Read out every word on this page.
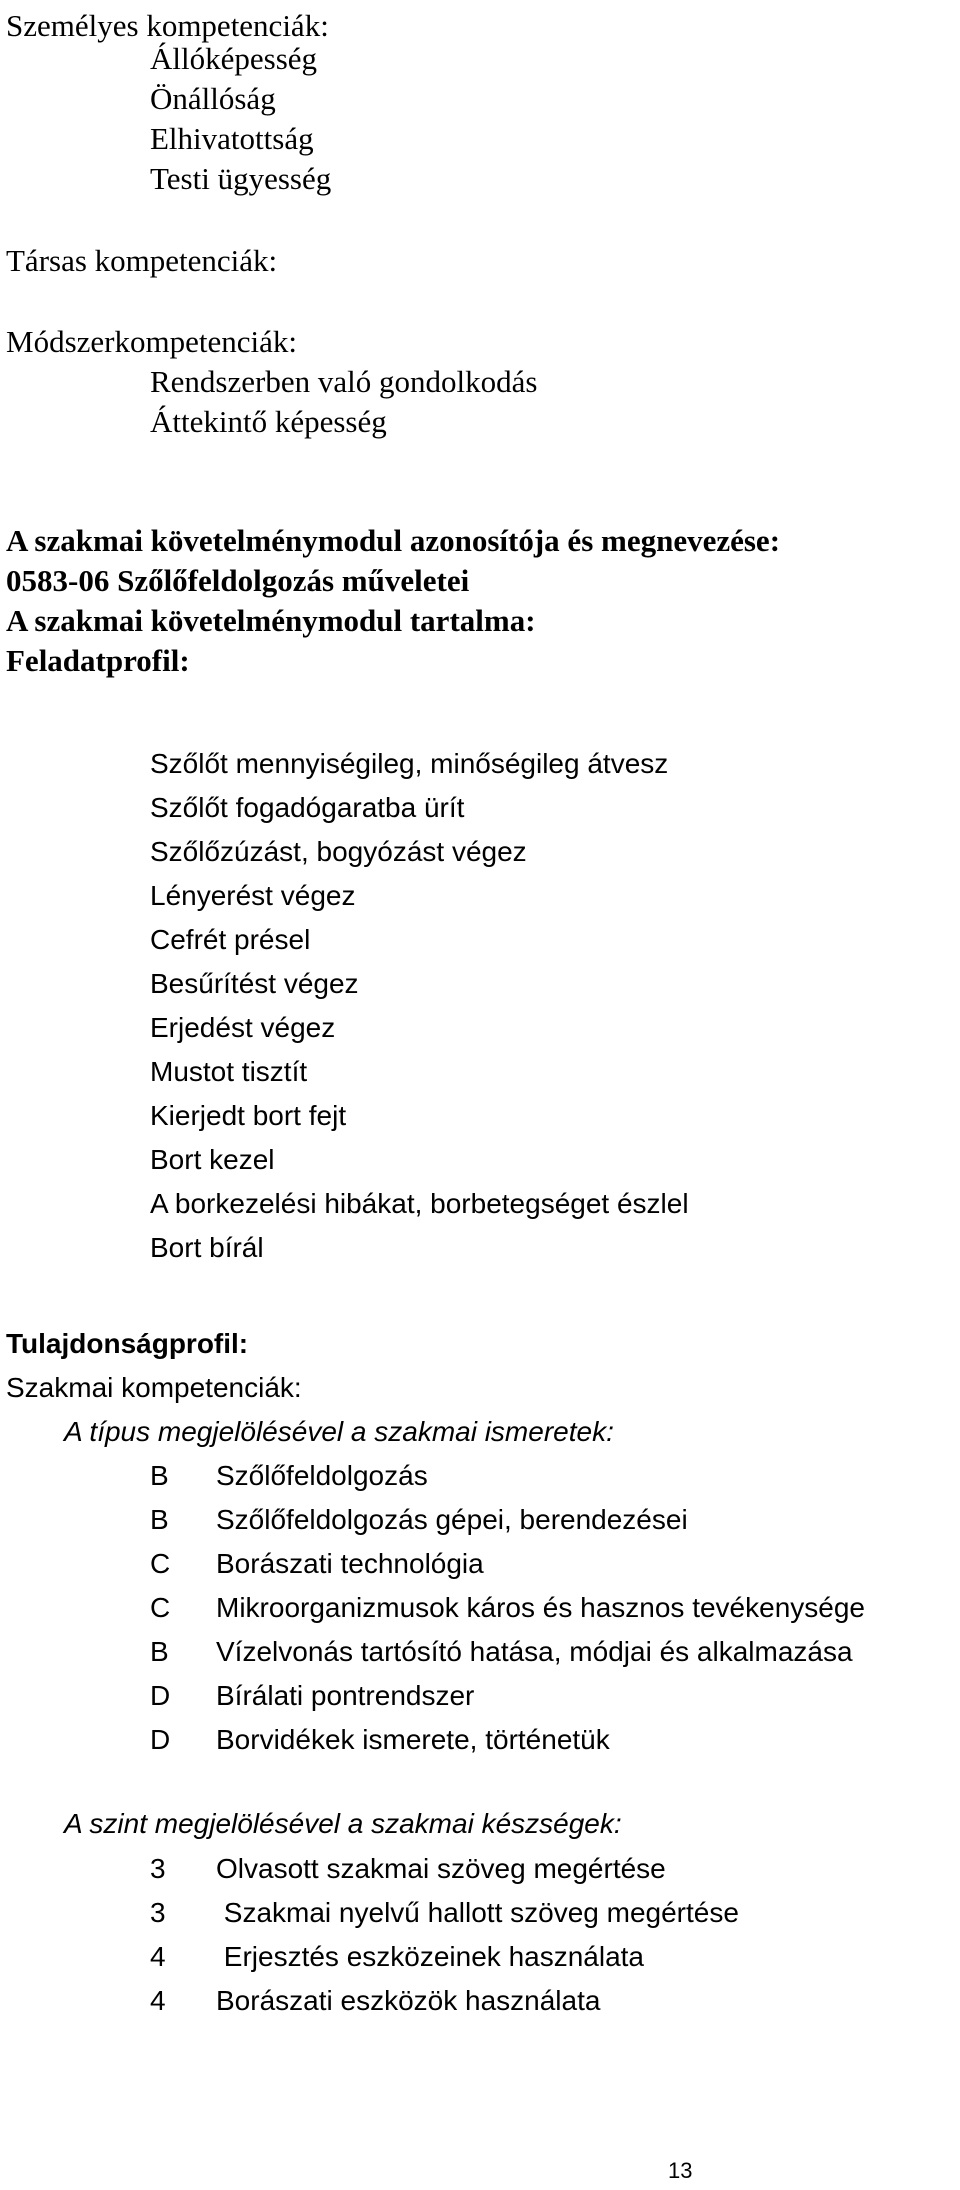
Személyes kompetenciák:
Állóképesség
Önállóság
Elhivatottság
Testi ügyesség
Társas kompetenciák:
Módszerkompetenciák:
Rendszerben való gondolkodás
Áttekintő képesség
A szakmai követelménymodul azonosítója és megnevezése:
0583-06 Szőlőfeldolgozás műveletei
A szakmai követelménymodul tartalma:
Feladatprofil:
Szőlőt mennyiségileg, minőségileg átvesz
Szőlőt fogadógaratba ürít
Szőlőzúzást, bogyózást végez
Lényerést végez
Cefrét présel
Besűrítést végez
Erjedést végez
Mustot tisztít
Kierjedt bort fejt
Bort kezel
A borkezelési hibákat, borbetegséget észlel
Bort bírál
Tulajdonságprofil:
Szakmai kompetenciák:
A típus megjelölésével a szakmai ismeretek:
B Szőlőfeldolgozás
B Szőlőfeldolgozás gépei, berendezései
C Borászati technológia
C Mikroorganizmusok káros és hasznos tevékenysége
B Vízelvonás tartósító hatása, módjai és alkalmazása
D Bírálati pontrendszer
D Borvidékek ismerete, történetük
A szint megjelölésével a szakmai készségek:
3 Olvasott szakmai szöveg megértése
3 Szakmai nyelvű hallott szöveg megértése
4 Erjesztés eszközeinek használata
4 Borászati eszközök használata
13
